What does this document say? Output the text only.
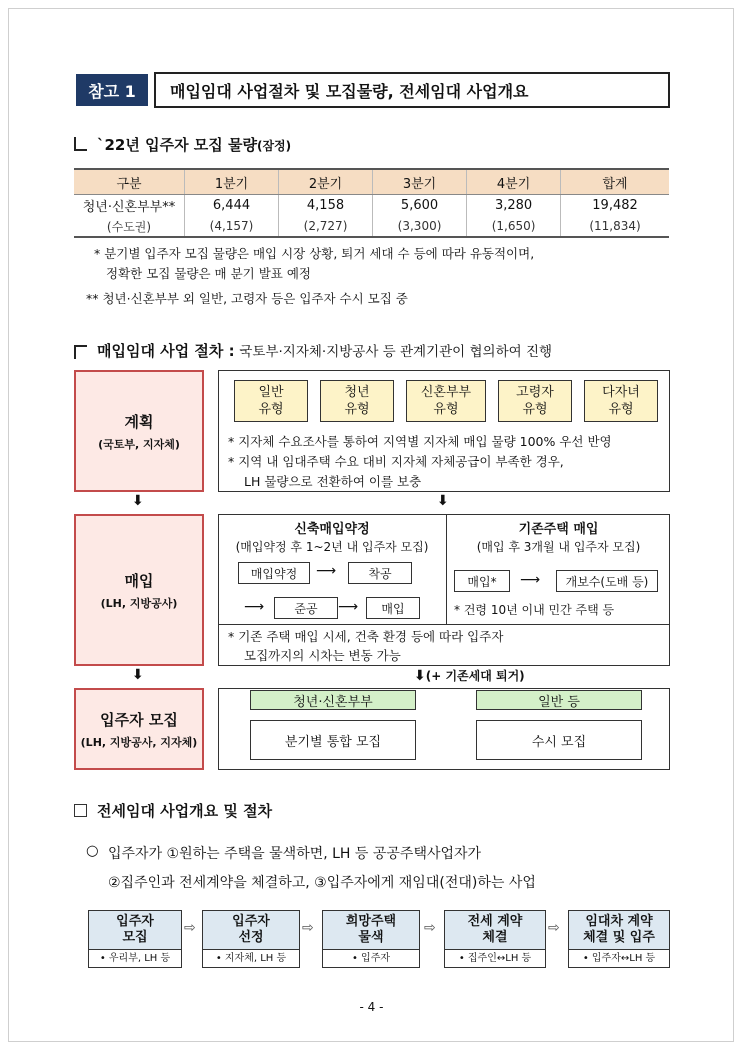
참고 1	매입임대 사업절차 및 모집물량, 전세임대 사업개요
`22년 입주자 모집 물량(잠정)
구분	1분기	2분기	3분기	4분기	합계
청년·신혼부부**	6,444	4,158	5,600	3,280	19,482
(수도권)	(4,157)	(2,727)	(3,300)	(1,650)	(11,834)
* 분기별 입주자 모집 물량은 매입 시장 상황, 퇴거 세대 수 등에 따라 유동적이며,
정확한 모집 물량은 매 분기 발표 예정
** 청년·신혼부부 외 일반, 고령자 등은 입주자 수시 모집 중
매입임대 사업 절차 : 국토부·지자체·지방공사 등 관계기관이 협의하여 진행
계획
(국토부, 지자체)
일반
유형
청년
유형
신혼부부
유형
고령자
유형
다자녀
유형
* 지자체 수요조사를 통하여 지역별 지자체 매입 물량 100% 우선 반영
* 지역 내 임대주택 수요 대비 지자체 자체공급이 부족한 경우,
LH 물량으로 전환하여 이를 보충
⬇	⬇
매입
(LH, 지방공사)
신축매입약정
(매입약정 후 1~2년 내 입주자 모집)
매입약정	⟶	착공
⟶	준공	⟶	매입
기존주택 매입
(매입 후 3개월 내 입주자 모집)
매입*	⟶	개보수(도배 등)
* 건령 10년 이내 민간 주택 등
* 기존 주택 매입 시세, 건축 환경 등에 따라 입주자
모집까지의 시차는 변동 가능
⬇	⬇(+ 기존세대 퇴거)
입주자 모집
(LH, 지방공사, 지자체)
청년·신혼부부	일반 등
분기별 통합 모집	수시 모집
전세임대 사업개요 및 절차
○ 입주자가 ①원하는 주택을 물색하면, LH 등 공공주택사업자가
②집주인과 전세계약을 체결하고, ③입주자에게 재임대(전대)하는 사업
입주자
모집
• 우리부, LH 등
⇨	입주자
선정
• 지자체, LH 등
⇨ 희망주택
물색
• 입주자
⇨ 전세 계약
체결
• 집주인↔LH 등
⇨ 임대차 계약
체결 및 입주
• 입주자↔LH 등
- 4 -
